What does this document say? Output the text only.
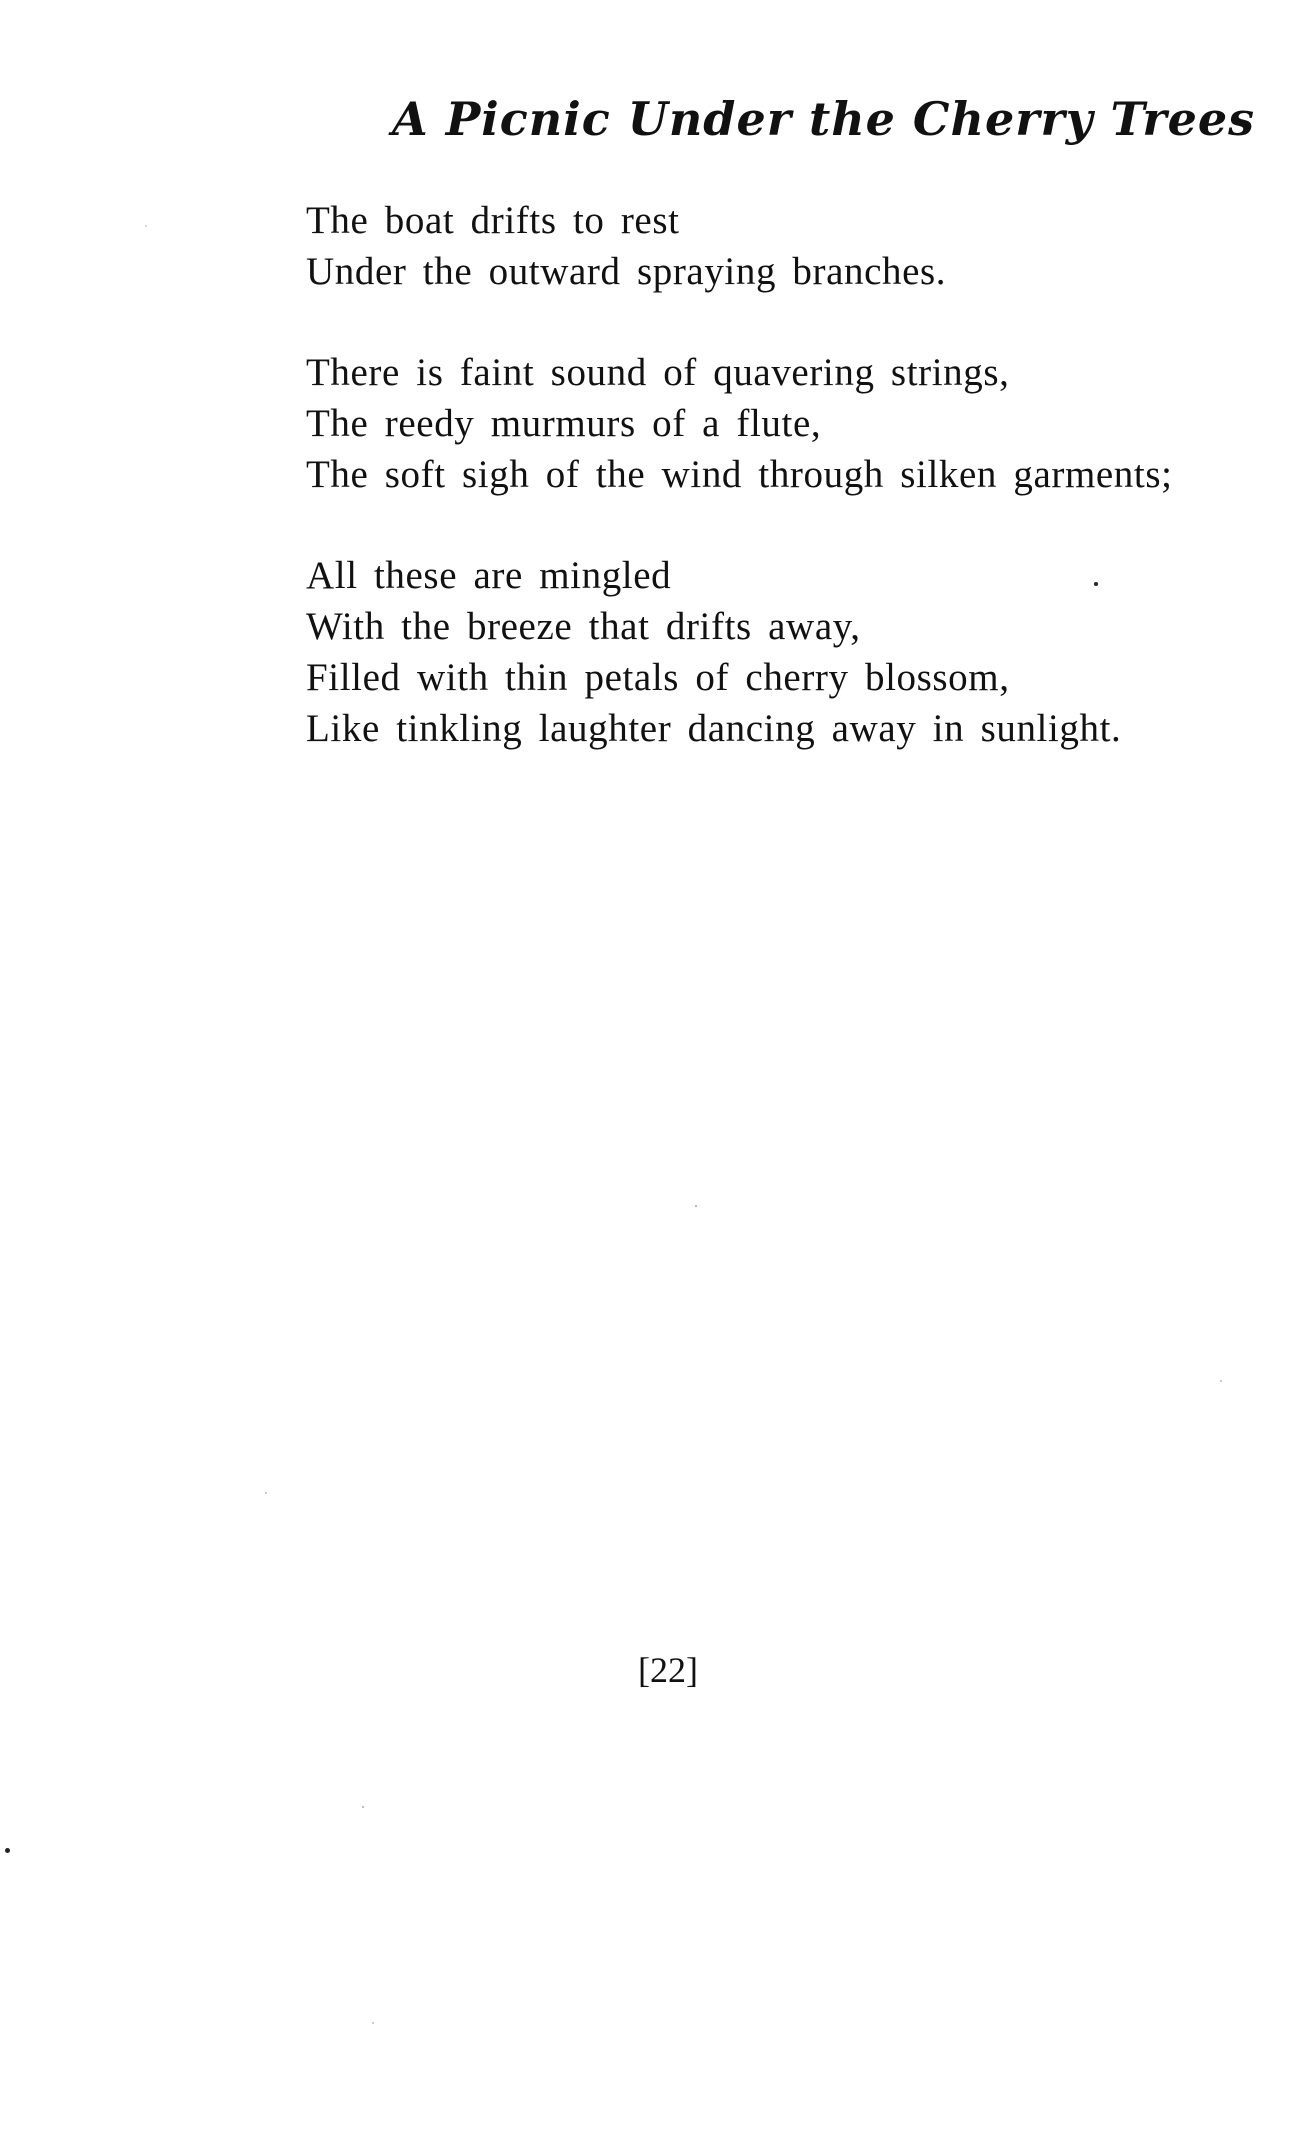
A Picnic Under the Cherry Trees
The boat drifts to rest
Under the outward spraying branches.
There is faint sound of quavering strings,
The reedy murmurs of a flute,
The soft sigh of the wind through silken garments;
All these are mingled
With the breeze that drifts away,
Filled with thin petals of cherry blossom,
Like tinkling laughter dancing away in sunlight.
[22]
